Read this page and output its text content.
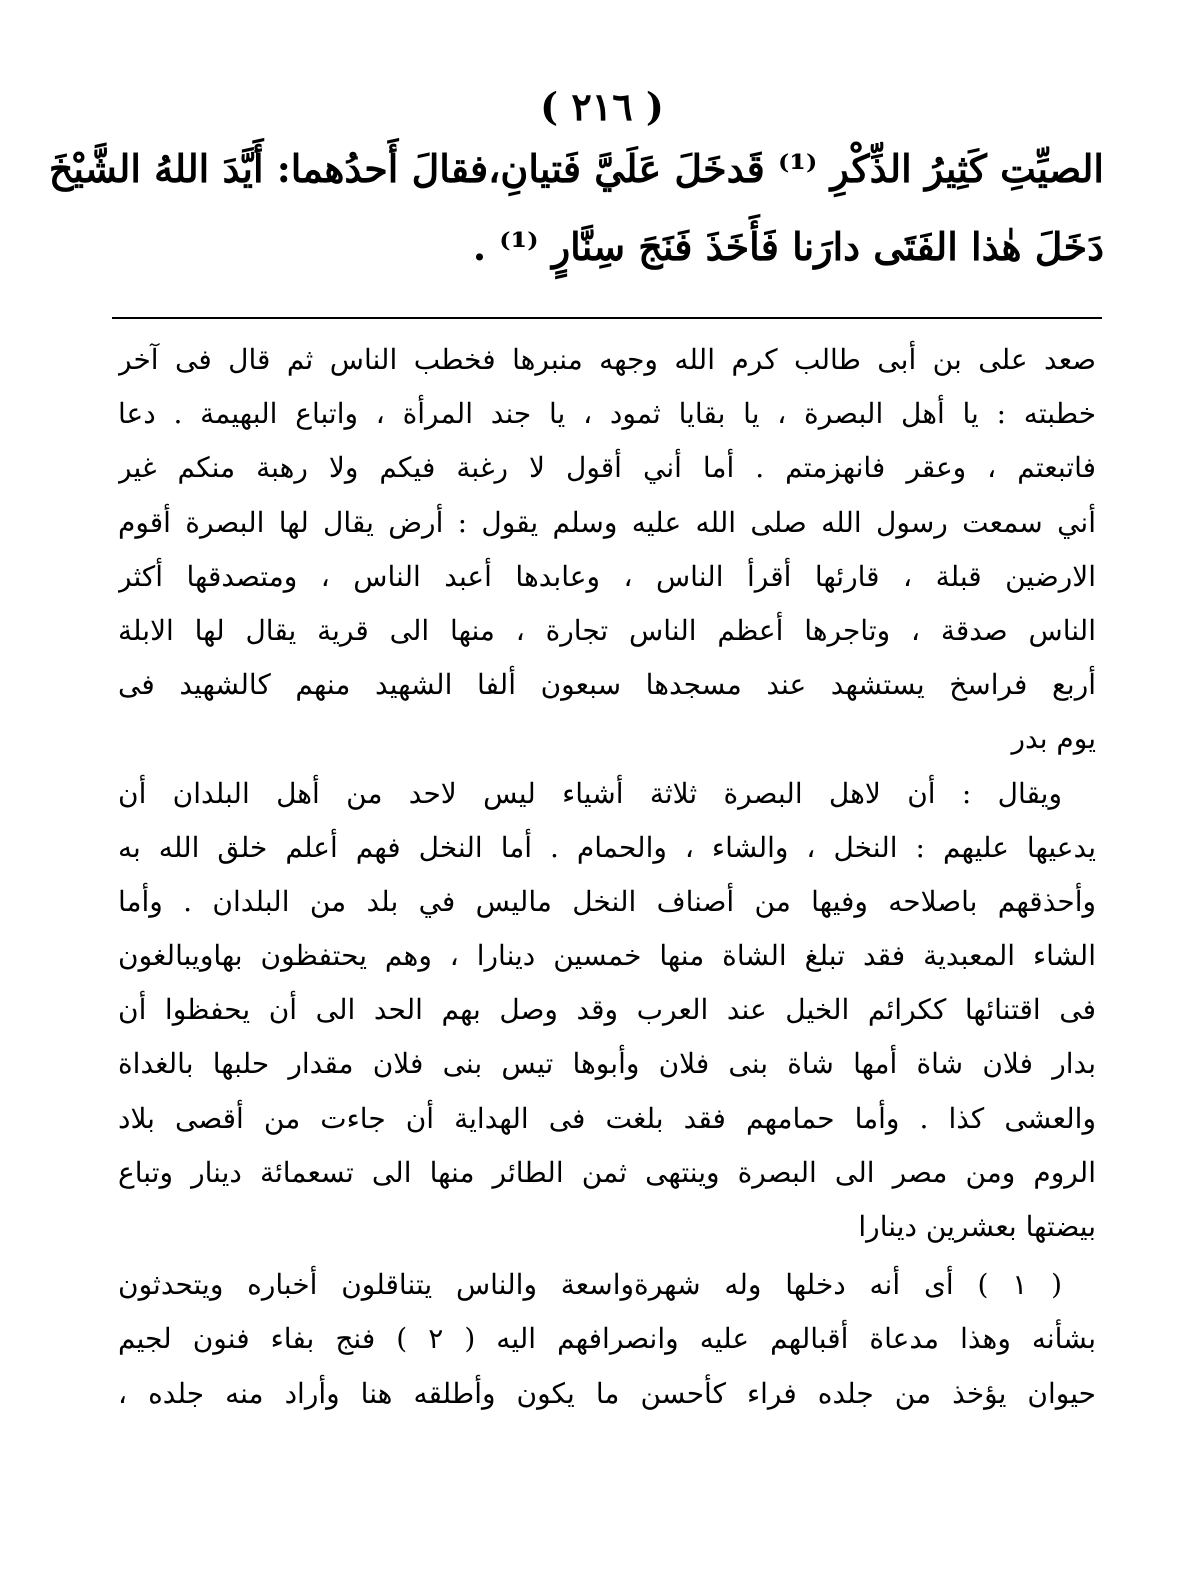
( ٢١٦ )
الصيِّتِ كَثِيرُ الذِّكْرِ ⁽¹⁾ قَدخَلَ عَلَيَّ فَتيانِ،فقالَ أَحدُهما: أَيَّدَ اللهُ الشَّيْخَ
دَخَلَ هٰذا الفَتَى دارَنا فَأَخَذَ فَنَجَ سِنَّارٍ ⁽¹⁾ .
صعد على بن أبى طالب كرم الله وجهه منبرها فخطب الناس ثم قال فى آخر
خطبته : يا أهل البصرة ، يا بقايا ثمود ، يا جند المرأة ، واتباع البهيمة . دعا
فاتبعتم ، وعقر فانهزمتم . أما أني أقول لا رغبة فيكم ولا رهبة منكم غير
أني سمعت رسول الله صلى الله عليه وسلم يقول : أرض يقال لها البصرة أقوم
الارضين قبلة ، قارئها أقرأ الناس ، وعابدها أعبد الناس ، ومتصدقها أكثر
الناس صدقة ، وتاجرها أعظم الناس تجارة ، منها الى قرية يقال لها الابلة
أربع فراسخ يستشهد عند مسجدها سبعون ألفا الشهيد منهم كالشهيد فى
يوم بدر
ويقال : أن لاهل البصرة ثلاثة أشياء ليس لاحد من أهل البلدان أن
يدعيها عليهم : النخل ، والشاء ، والحمام . أما النخل فهم أعلم خلق الله به
وأحذقهم باصلاحه وفيها من أصناف النخل ماليس في بلد من البلدان . وأما
الشاء المعبدية فقد تبلغ الشاة منها خمسين دينارا ، وهم يحتفظون بهاويبالغون
فى اقتنائها ككرائم الخيل عند العرب وقد وصل بهم الحد الى أن يحفظوا أن
بدار فلان شاة أمها شاة بنى فلان وأبوها تيس بنى فلان مقدار حلبها بالغداة
والعشى كذا . وأما حمامهم فقد بلغت فى الهداية أن جاءت من أقصى بلاد
الروم ومن مصر الى البصرة وينتهى ثمن الطائر منها الى تسعمائة دينار وتباع
بيضتها بعشرين دينارا
( ١ ) أى أنه دخلها وله شهرةواسعة والناس يتناقلون أخباره ويتحدثون
بشأنه وهذا مدعاة أقبالهم عليه وانصرافهم اليه ( ٢ ) فنج بفاء فنون لجيم
حيوان يؤخذ من جلده فراء كأحسن ما يكون وأطلقه هنا وأراد منه جلده ،
